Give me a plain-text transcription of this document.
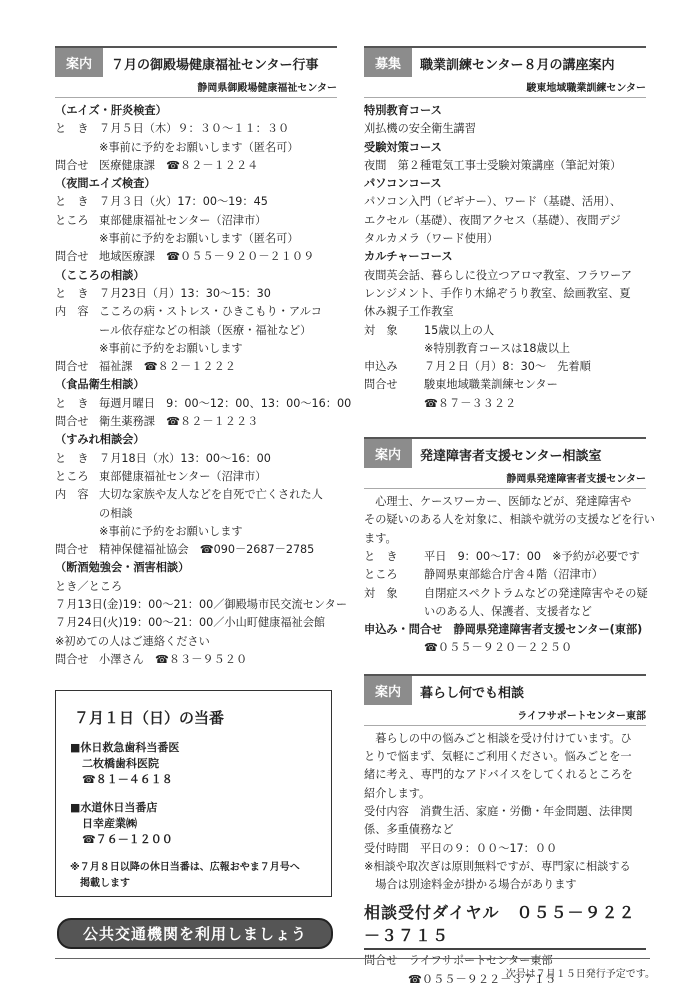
案内	７月の御殿場健康福祉センター行事
静岡県御殿場健康福祉センター
（エイズ・肝炎検査）
と　き ７月５日（木）９：３０～１１：３０
※事前に予約をお願いします（匿名可）
問合せ 医療健康課　☎８２－１２２４
（夜間エイズ検査）
と　き ７月３日（火）17：00～19：45
ところ 東部健康福祉センター（沼津市）
※事前に予約をお願いします（匿名可）
問合せ 地域医療課　☎０５５－９２０－２１０９
（こころの相談）
と　き ７月23日（月）13：30～15：30
内　容 こころの病・ストレス・ひきこもり・アルコ
ール依存症などの相談（医療・福祉など）
※事前に予約をお願いします
問合せ 福祉課　☎８２－１２２２
（食品衛生相談）
と　き 毎週月曜日　9：00～12：00、13：00～16：00
問合せ 衛生薬務課　☎８２－１２２３
（すみれ相談会）
と　き ７月18日（水）13：00～16：00
ところ 東部健康福祉センター（沼津市）
内　容 大切な家族や友人などを自死で亡くされた人
の相談
※事前に予約をお願いします
問合せ 精神保健福祉協会　☎090－2687－2785
（断酒勉強会・酒害相談）
とき／ところ
７月13日(金)19：00～21：00／御殿場市民交流センター
７月24日(火)19：00～21：00／小山町健康福祉会館
※初めての人はご連絡ください
問合せ 小澤さん　☎８３－９５２０
７月１日（日）の当番
■休日救急歯科当番医
二枚橋歯科医院
☎８１－４６１８
■水道休日当番店
日幸産業㈱
☎７６－１２００
※７月８日以降の休日当番は、広報おやま７月号へ
掲載します
公共交通機関を利用しましょう
募集	職業訓練センター８月の講座案内
駿東地域職業訓練センター
特別教育コース
刈払機の安全衛生講習
受験対策コース
夜間　第２種電気工事士受験対策講座（筆記対策）
パソコンコース
パソコン入門（ビギナー）、ワード（基礎、活用）、
エクセル（基礎）、夜間アクセス（基礎）、夜間デジ
タルカメラ（ワード使用）
カルチャーコース
夜間英会話、暮らしに役立つアロマ教室、フラワーア
レンジメント、手作り木綿ぞうり教室、絵画教室、夏
休み親子工作教室
対　象	15歳以上の人
※特別教育コースは18歳以上
申込み	７月２日（月）8：30～　先着順
問合せ	駿東地域職業訓練センター
☎８７－３３２２
案内	発達障害者支援センター相談室
静岡県発達障害者支援センター
　心理士、ケースワーカー、医師などが、発達障害や
その疑いのある人を対象に、相談や就労の支援などを行い
ます。
と　き	平日　9：00～17：00　※予約が必要です
ところ	静岡県東部総合庁舎４階（沼津市）
対　象	自閉症スペクトラムなどの発達障害やその疑
いのある人、保護者、支援者など
申込み・問合せ　静岡県発達障害者支援センター(東部)
☎０５５－９２０－２２５０
案内	暮らし何でも相談
ライフサポートセンター東部
　暮らしの中の悩みごと相談を受け付けています。ひ
とりで悩まず、気軽にご利用ください。悩みごとを一
緒に考え、専門的なアドバイスをしてくれるところを
紹介します。
受付内容　消費生活、家庭・労働・年金問題、法律関
係、多重債務など
受付時間　平日の９：００～17：００
※相談や取次ぎは原則無料ですが、専門家に相談する
　場合は別途料金が掛かる場合があります
相談受付ダイヤル　０５５－９２２－３７１５
問合せ　ライフサポートセンター東部
☎０５５－９２２－３７１５
次号は７月１５日発行予定です。
